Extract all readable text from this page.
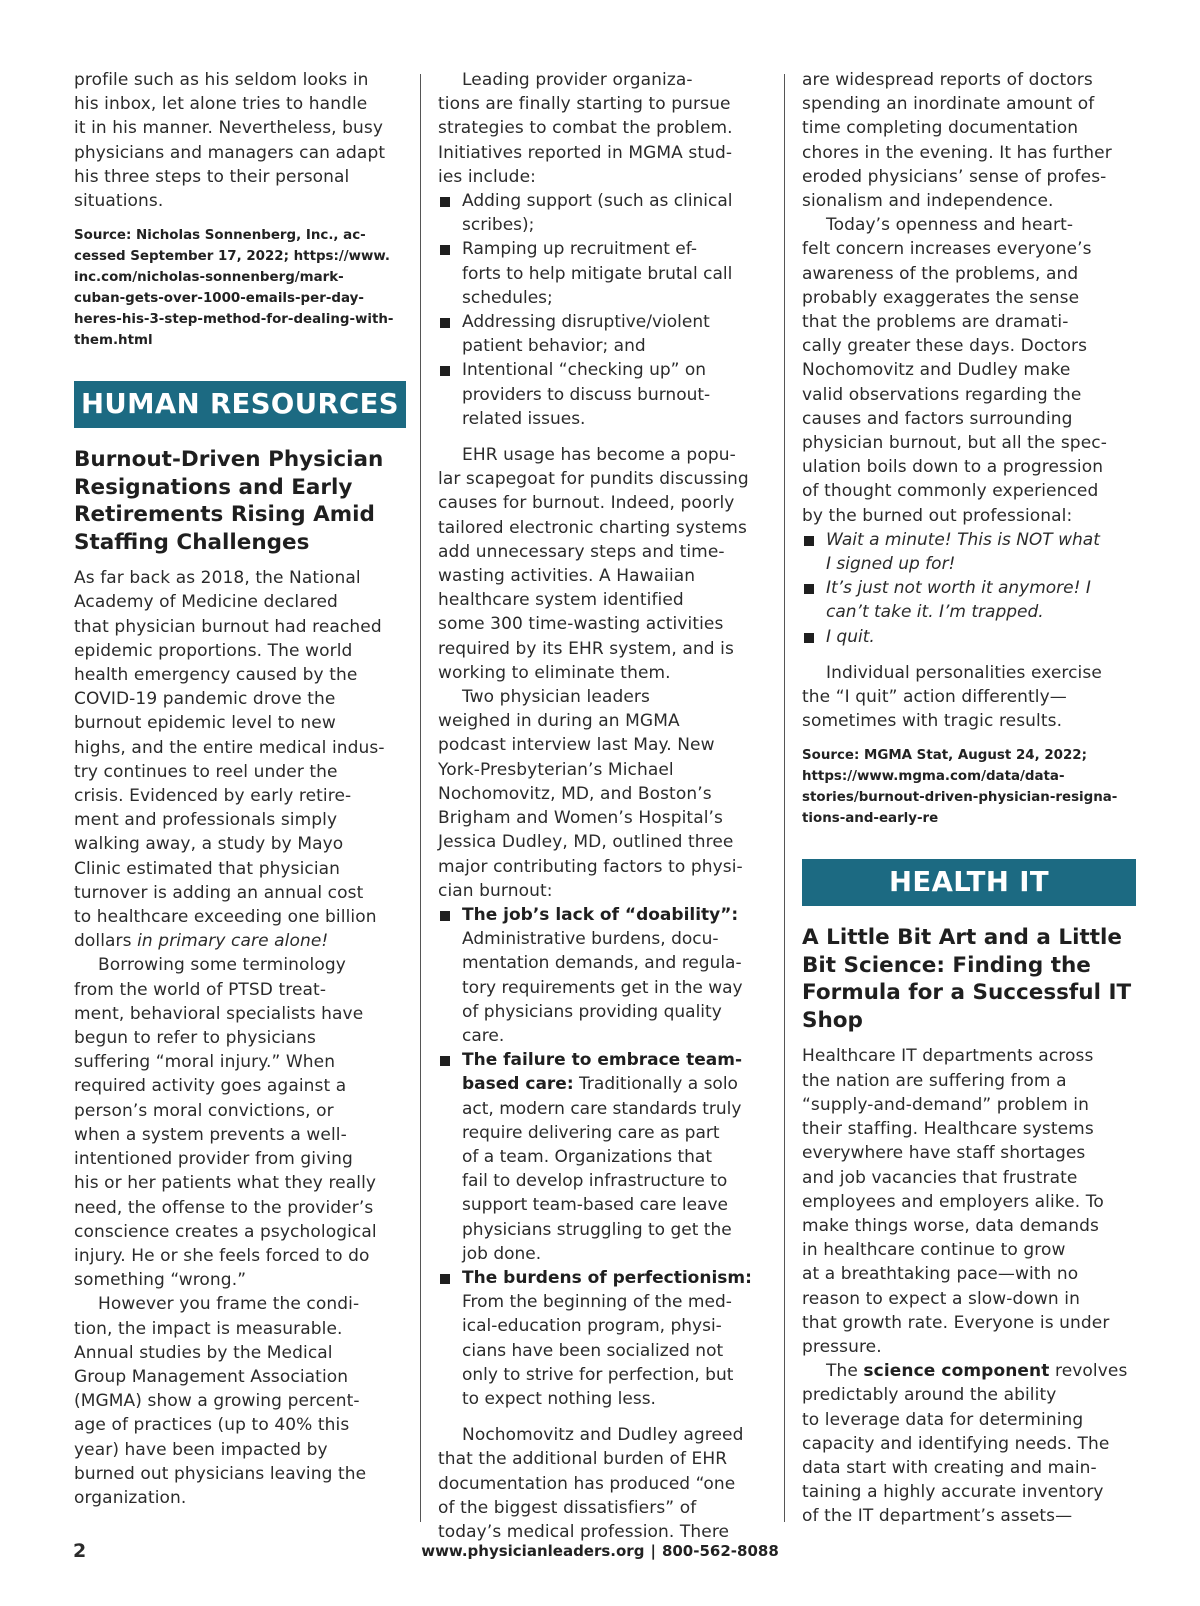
profile such as his seldom looks in
his inbox, let alone tries to handle
it in his manner. Nevertheless, busy
physicians and managers can adapt
his three steps to their personal
situations.

Source: Nicholas Sonnenberg, Inc., ac-
cessed September 17, 2022; https://www.
inc.com/nicholas-sonnenberg/mark-
cuban-gets-over-1000-emails-per-day-
heres-his-3-step-method-for-dealing-with-
them.html

HUMAN RESOURCES
Burnout-Driven Physician
Resignations and Early
Retirements Rising Amid
Staffing Challenges

As far back as 2018, the National
Academy of Medicine declared
that physician burnout had reached
epidemic proportions. The world
health emergency caused by the
COVID-19 pandemic drove the
burnout epidemic level to new
highs, and the entire medical indus-
try continues to reel under the
crisis. Evidenced by early retire-
ment and professionals simply
walking away, a study by Mayo
Clinic estimated that physician
turnover is adding an annual cost
to healthcare exceeding one billion
dollars in primary care alone!

Borrowing some terminology
from the world of PTSD treat-
ment, behavioral specialists have
begun to refer to physicians
suffering “moral injury.” When
required activity goes against a
person’s moral convictions, or
when a system prevents a well-
intentioned provider from giving
his or her patients what they really
need, the offense to the provider’s
conscience creates a psychological
injury. He or she feels forced to do
something “wrong.”

However you frame the condi-
tion, the impact is measurable.
Annual studies by the Medical
Group Management Association
(MGMA) show a growing percent-
age of practices (up to 40% this
year) have been impacted by
burned out physicians leaving the
organization.

Leading provider organiza-
tions are finally starting to pursue
strategies to combat the problem.
Initiatives reported in MGMA stud-
ies include:

Adding support (such as clinical
scribes);
Ramping up recruitment ef-
forts to help mitigate brutal call
schedules;
Addressing disruptive/violent
patient behavior; and
Intentional “checking up” on
providers to discuss burnout-
related issues.

EHR usage has become a popu-
lar scapegoat for pundits discussing
causes for burnout. Indeed, poorly
tailored electronic charting systems
add unnecessary steps and time-
wasting activities. A Hawaiian
healthcare system identified
some 300 time-wasting activities
required by its EHR system, and is
working to eliminate them.

Two physician leaders
weighed in during an MGMA
podcast interview last May. New
York-Presbyterian’s Michael
Nochomovitz, MD, and Boston’s
Brigham and Women’s Hospital’s
Jessica Dudley, MD, outlined three
major contributing factors to physi-
cian burnout:

The job’s lack of “doability”:
Administrative burdens, docu-
mentation demands, and regula-
tory requirements get in the way
of physicians providing quality
care.
The failure to embrace team-
based care: Traditionally a solo
act, modern care standards truly
require delivering care as part
of a team. Organizations that
fail to develop infrastructure to
support team-based care leave
physicians struggling to get the
job done.
The burdens of perfectionism:
From the beginning of the med-
ical-education program, physi-
cians have been socialized not
only to strive for perfection, but
to expect nothing less.

Nochomovitz and Dudley agreed
that the additional burden of EHR
documentation has produced “one
of the biggest dissatisfiers” of
today’s medical profession. There

are widespread reports of doctors
spending an inordinate amount of
time completing documentation
chores in the evening. It has further
eroded physicians’ sense of profes-
sionalism and independence.

Today’s openness and heart-
felt concern increases everyone’s
awareness of the problems, and
probably exaggerates the sense
that the problems are dramati-
cally greater these days. Doctors
Nochomovitz and Dudley make
valid observations regarding the
causes and factors surrounding
physician burnout, but all the spec-
ulation boils down to a progression
of thought commonly experienced
by the burned out professional:

Wait a minute! This is NOT what
I signed up for!
It’s just not worth it anymore! I
can’t take it. I’m trapped.
I quit.

Individual personalities exercise
the “I quit” action differently—
sometimes with tragic results.

Source: MGMA Stat, August 24, 2022;
https://www.mgma.com/data/data-
stories/burnout-driven-physician-resigna-
tions-and-early-re

HEALTH IT
A Little Bit Art and a Little
Bit Science: Finding the
Formula for a Successful IT
Shop

Healthcare IT departments across
the nation are suffering from a
“supply-and-demand” problem in
their staffing. Healthcare systems
everywhere have staff shortages
and job vacancies that frustrate
employees and employers alike. To
make things worse, data demands
in healthcare continue to grow
at a breathtaking pace—with no
reason to expect a slow-down in
that growth rate. Everyone is under
pressure.

The science component revolves
predictably around the ability
to leverage data for determining
capacity and identifying needs. The
data start with creating and main-
taining a highly accurate inventory
of the IT department’s assets—

2	www.physicianleaders.org | 800-562-8088
